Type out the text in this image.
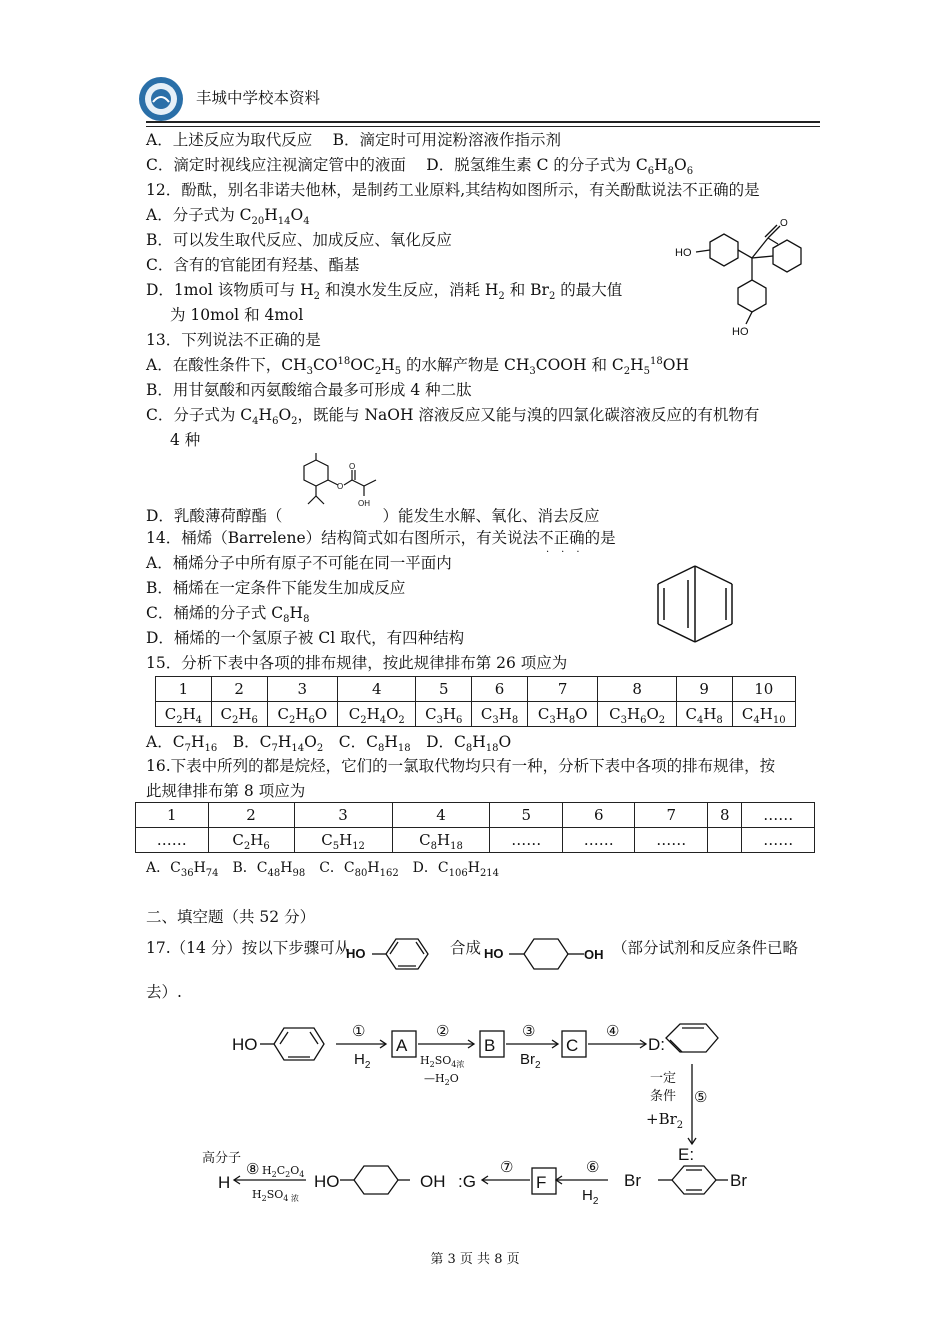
丰城中学校本资料
A．上述反应为取代反应　 B．滴定时可用淀粉溶液作指示剂
C．滴定时视线应注视滴定管中的液面　 D．脱氢维生素 C 的分子式为 $C_6H_8O_6$
12．酚酞，别名非诺夫他林，是制药工业原料,其结构如图所示，有关酚酞说法不正确的是
A．分子式为 $C_{20}H_{14}O_4$
B．可以发生取代反应、加成反应、氧化反应
C．含有的官能团有羟基、酯基
D．1mol 该物质可与 $H_2$ 和溴水发生反应，消耗 $H_2$ 和 $Br_2$ 的最大值
为 10mol 和 4mol
O
HO
HO
13．下列说法不正确的是
A．在酸性条件下，$CH_3CO^{18}OC_2H_5$ 的水解产物是 $CH_3COOH$ 和 $C_2H_5^{18}OH$
B．用甘氨酸和丙氨酸缩合最多可形成 4 种二肽
C．分子式为 $C_4H_6O_2$，既能与 NaOH 溶液反应又能与溴的四氯化碳溶液反应的有机物有
4 种
O
O
OH
D．乳酸薄荷醇酯（	）能发生水解、氧化、消去反应
14．桶烯（Barrelene）结构简式如右图所示，有关说法不正确的是
···
A．桶烯分子中所有原子不可能在同一平面内
B．桶烯在一定条件下能发生加成反应
C．桶烯的分子式 $C_8H_8$
D．桶烯的一个氢原子被 Cl 取代，有四种结构
15．分析下表中各项的排布规律，按此规律排布第 26 项应为
1	2	3	4	5	6	7	8	9	10
$C_2H_4$	$C_2H_6$	$C_2H_6O$	$C_2H_4O_2$	$C_3H_6$	$C_3H_8$	$C_3H_8O$	$C_3H_6O_2$	$C_4H_8$	$C_4H_{10}$
A．$C_7H_{16}$　B．$C_7H_{14}O_2$　C．$C_8H_{18}$　D．$C_8H_{18}O$
16.下表中所列的都是烷烃，它们的一氯取代物均只有一种，分析下表中各项的排布规律，按
此规律排布第 8 项应为
1	2	3	4	5	6	7	8	……
……	$C_2H_6$	$C_5H_{12}$	$C_8H_{18}$	……	……	……		……
A．$C_{36}H_{74}$　B．$C_{48}H_{98}$　C．$C_{80}H_{162}$　D．$C_{106}H_{214}$
二、填空题（共 52 分）
17.（14 分）按以下步骤可从
HO	合成 HO	OH （部分试剂和反应条件已略
去）.
HO	A	B	C	D:
E:
Br	Br
F
:G
OH
HO
H
①	②	③	④
⑤
⑥
⑦
⑧
$H_2$	$H_2SO_{4浓}$
$—H_2O$
$Br_2$
一定
条件
$+Br_2$
$H_2$
高分子
$H_2C_2O_4$
$H_2SO_{4 浓}$
第 3 页 共 8 页
